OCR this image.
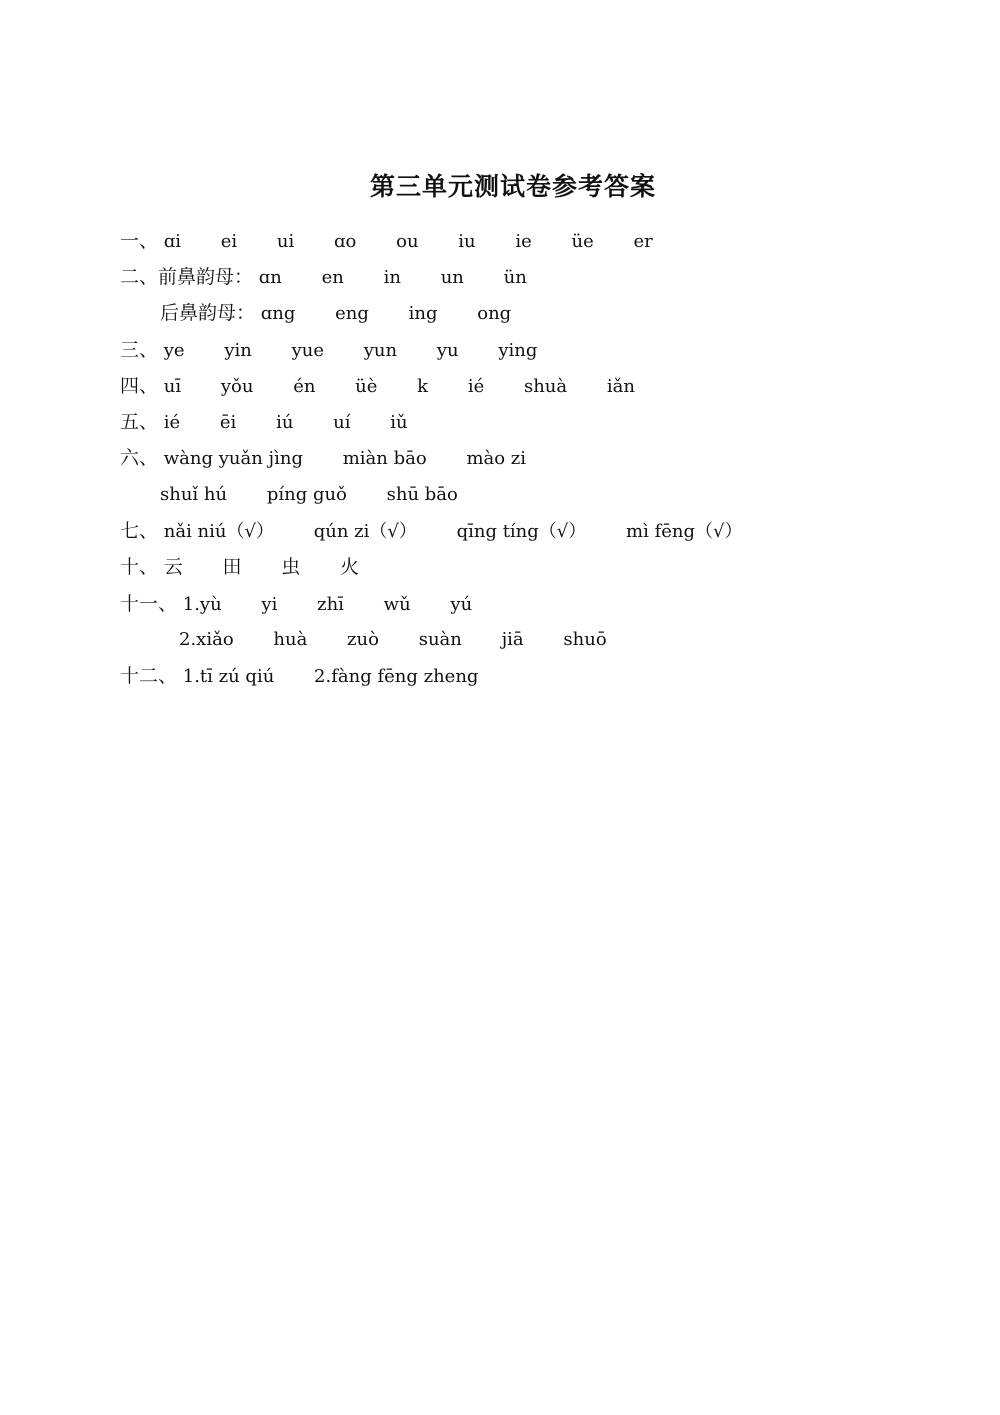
第三单元测试卷参考答案
一、 ɑi ei ui ɑo ou iu ie üe er
二、前鼻韵母： ɑn en in un ün
后鼻韵母： ɑng eng ing ong
三、 ye yin yue yun yu ying
四、 uī yǒu én üè k ié shuà iǎn
五、 ié ēi iú uí iǔ
六、 wàng yuǎn jìng miàn bāo mào zi
shuǐ hú píng guǒ shū bāo
七、 nǎi niú（√） qún zi（√） qīng tíng（√） mì fēng（√）
十、 云 田 虫 火
十一、 1.yù yi zhī wǔ yú
2.xiǎo huà zuò suàn jiā shuō
十二、 1.tī zú qiú 2.fàng fēng zheng
